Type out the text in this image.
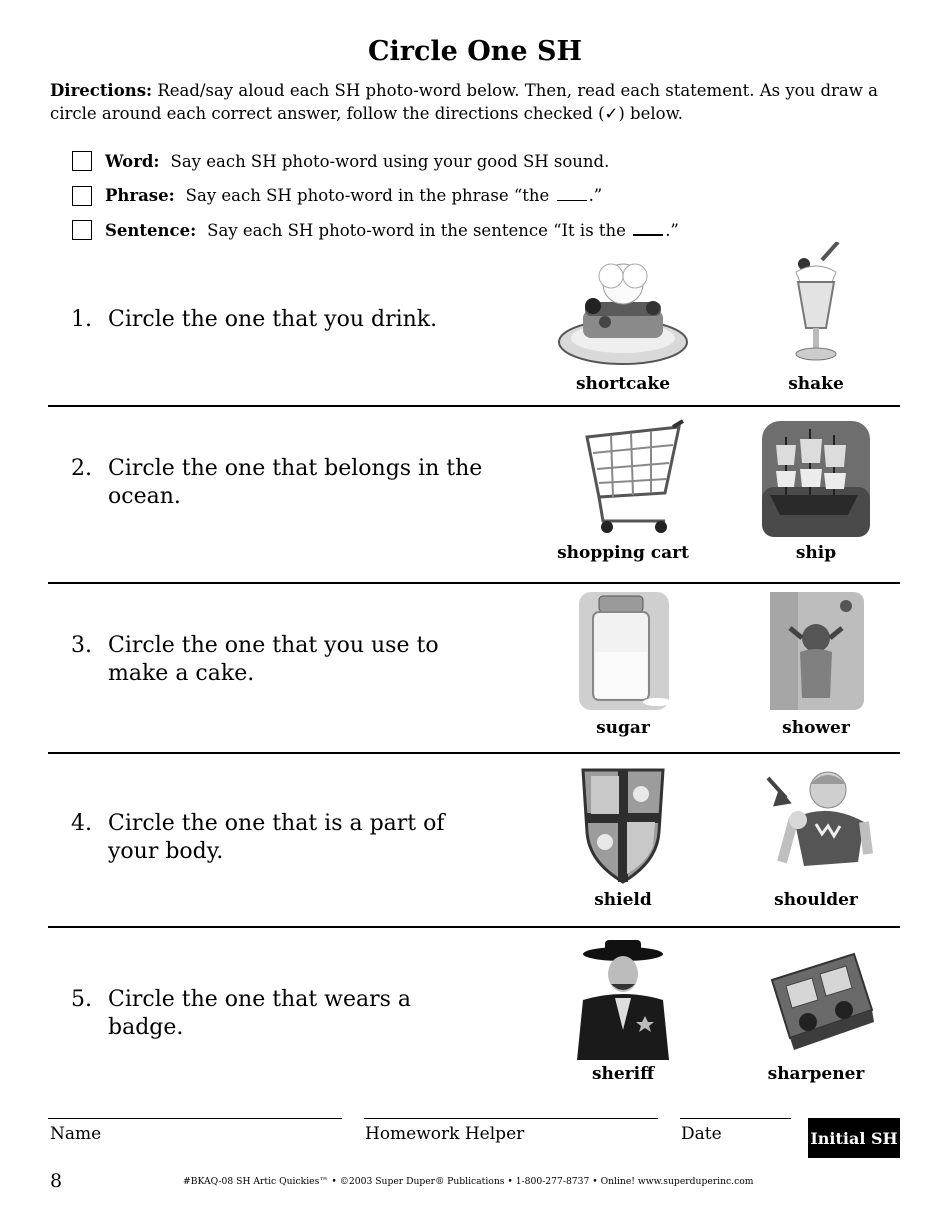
Circle One SH

Directions: Read/say aloud each SH photo-word below. Then, read each statement. As you draw a circle around each correct answer, follow the directions checked (✓) below.

Word: Say each SH photo-word using your good SH sound.
Phrase: Say each SH photo-word in the phrase “the .”
Sentence: Say each SH photo-word in the sentence “It is the .”
1. Circle the one that you drink.
shortcake	shake
2. Circle the one that belongs in the ocean.
shopping cart	ship
3. Circle the one that you use to make a cake.
sugar	shower
4. Circle the one that is a part of your body.
shield	shoulder
5. Circle the one that wears a badge.
sheriff	sharpener
Name	Homework Helper	Date	Initial SH
8	#BKAQ-08 SH Artic Quickies™ • ©2003 Super Duper® Publications • 1-800-277-8737 • Online! www.superduperinc.com
